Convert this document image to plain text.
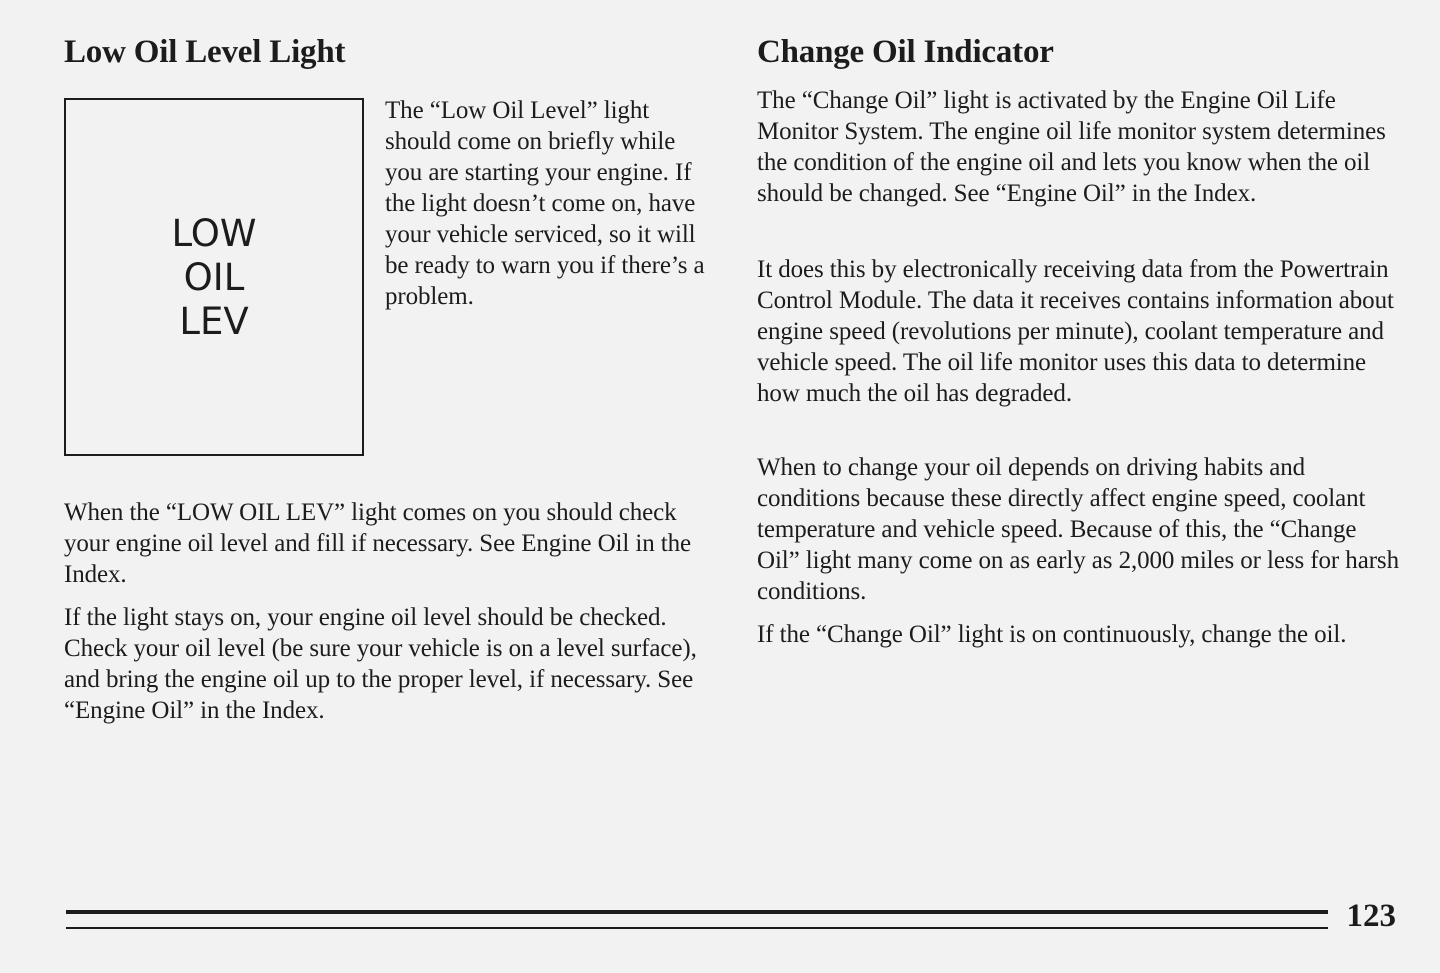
Low Oil Level Light
LOW
OIL
LEV

The “Low Oil Level” light should come on briefly while you are starting your engine. If the light doesn’t come on, have your vehicle serviced, so it will be ready to warn you if there’s a problem.

When the “LOW OIL LEV” light comes on you should check your engine oil level and fill if necessary. See Engine Oil in the Index.

If the light stays on, your engine oil level should be checked. Check your oil level (be sure your vehicle is on a level surface), and bring the engine oil up to the proper level, if necessary. See “Engine Oil” in the Index.

Change Oil Indicator

The “Change Oil” light is activated by the Engine Oil Life Monitor System. The engine oil life monitor system determines the condition of the engine oil and lets you know when the oil should be changed. See “Engine Oil” in the Index.

It does this by electronically receiving data from the Powertrain Control Module. The data it receives contains information about engine speed (revolutions per minute), coolant temperature and vehicle speed. The oil life monitor uses this data to determine how much the oil has degraded.

When to change your oil depends on driving habits and conditions because these directly affect engine speed, coolant temperature and vehicle speed. Because of this, the “Change Oil” light many come on as early as 2,000 miles or less for harsh conditions.

If the “Change Oil” light is on continuously, change the oil.

123
